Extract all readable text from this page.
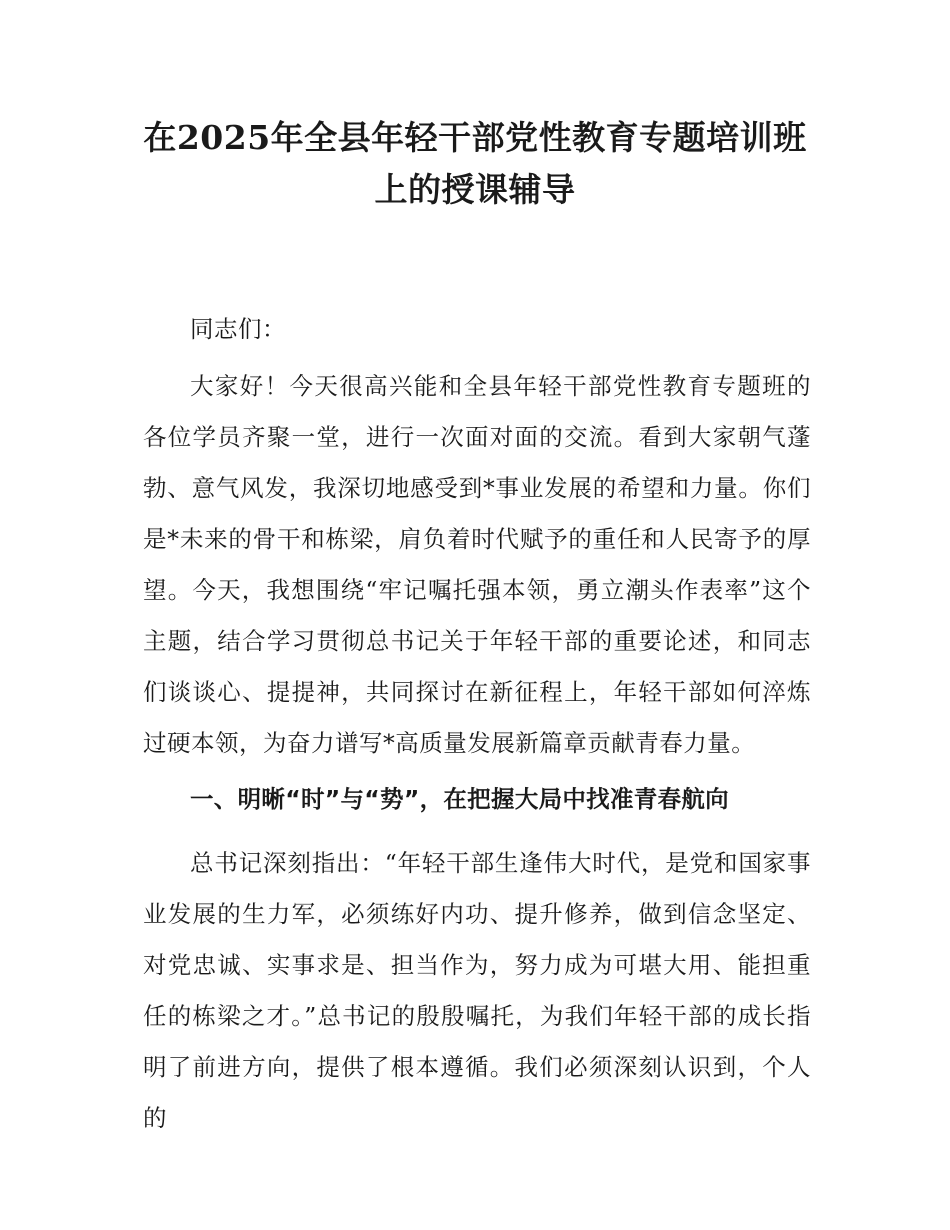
在2025年全县年轻干部党性教育专题培训班
上的授课辅导

同志们：

大家好！今天很高兴能和全县年轻干部党性教育专题班的各位学员齐聚一堂，进行一次面对面的交流。看到大家朝气蓬勃、意气风发，我深切地感受到*事业发展的希望和力量。你们是*未来的骨干和栋梁，肩负着时代赋予的重任和人民寄予的厚望。今天，我想围绕“牢记嘱托强本领，勇立潮头作表率”这个主题，结合学习贯彻总书记关于年轻干部的重要论述，和同志们谈谈心、提提神，共同探讨在新征程上，年轻干部如何淬炼过硬本领，为奋力谱写*高质量发展新篇章贡献青春力量。

一、明晰“时”与“势”，在把握大局中找准青春航向

总书记深刻指出：“年轻干部生逢伟大时代，是党和国家事业发展的生力军，必须练好内功、提升修养，做到信念坚定、对党忠诚、实事求是、担当作为，努力成为可堪大用、能担重任的栋梁之才。”总书记的殷殷嘱托，为我们年轻干部的成长指明了前进方向，提供了根本遵循。我们必须深刻认识到，个人的
